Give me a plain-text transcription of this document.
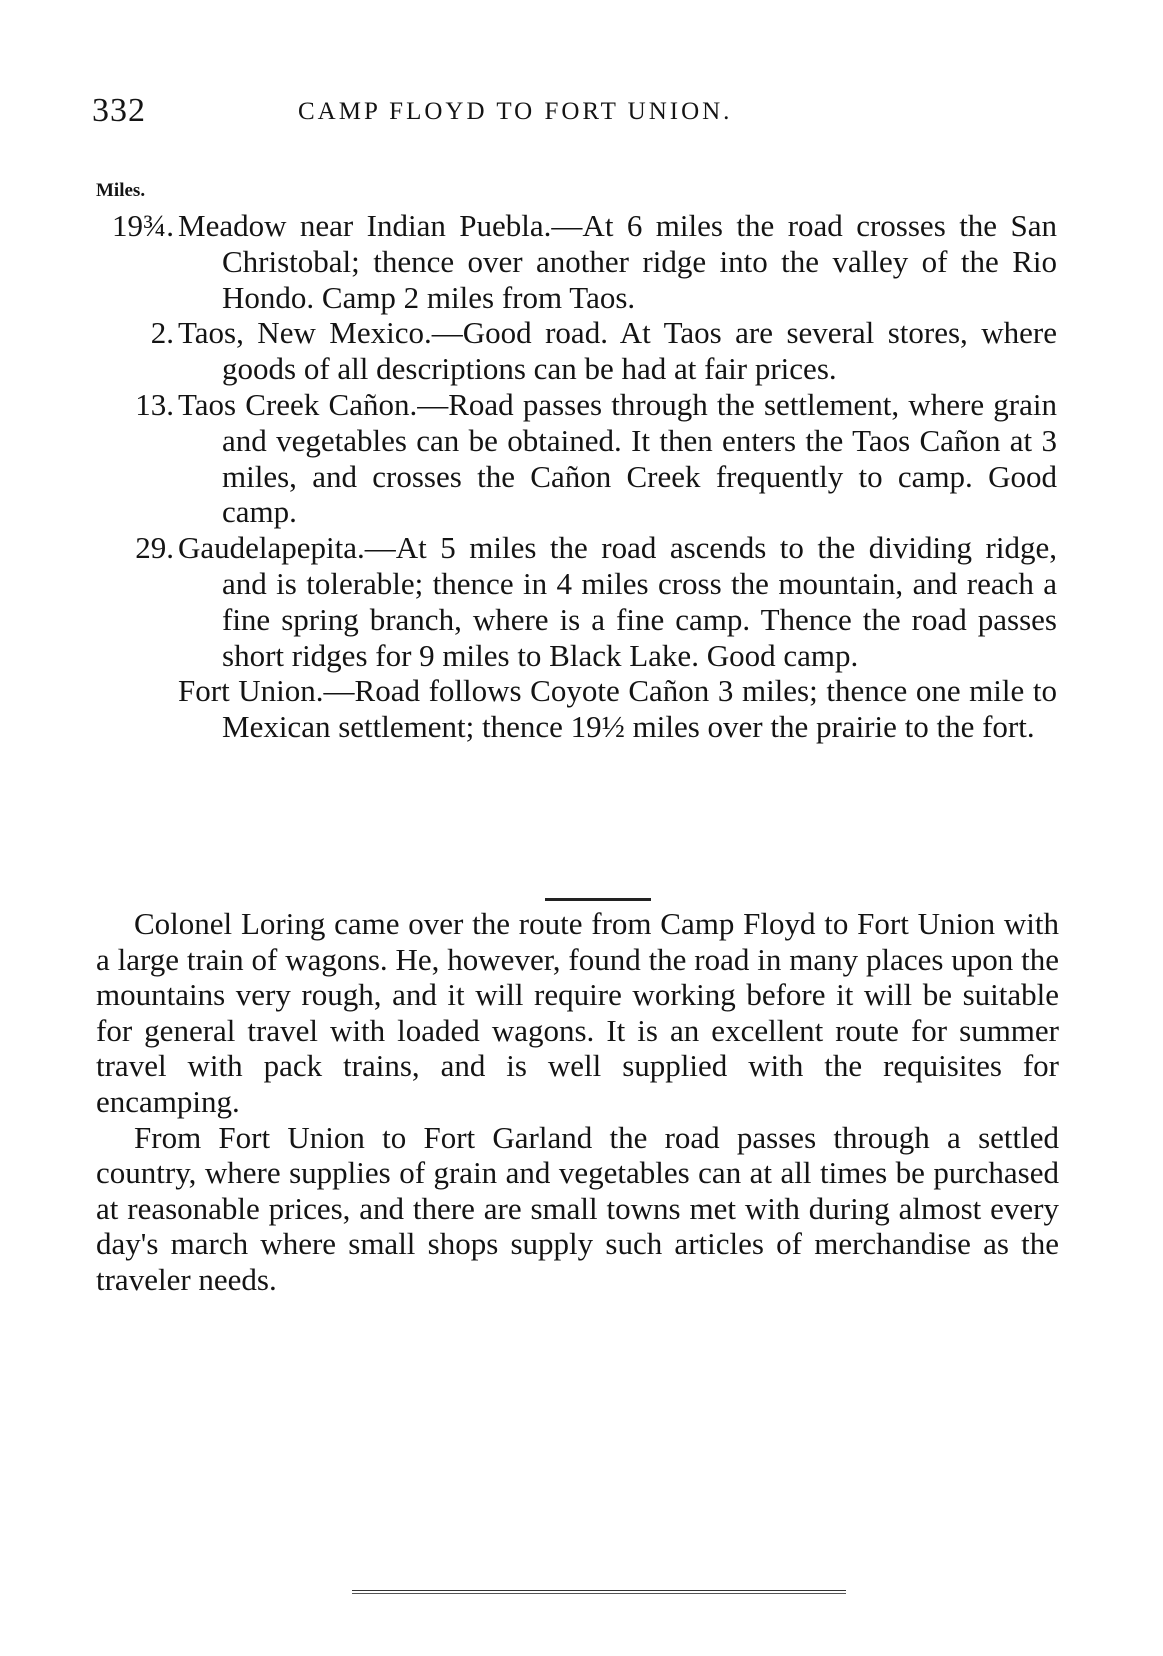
332	CAMP FLOYD TO FORT UNION.
Miles.
19¾. Meadow near Indian Puebla.—At 6 miles the road crosses the San Christobal; thence over another ridge into the valley of the Rio Hondo. Camp 2 miles from Taos.
2. Taos, New Mexico.—Good road. At Taos are several stores, where goods of all descriptions can be had at fair prices.
13. Taos Creek Cañon.—Road passes through the settlement, where grain and vegetables can be obtained. It then enters the Taos Cañon at 3 miles, and crosses the Cañon Creek frequently to camp. Good camp.
29. Gaudelapepita.—At 5 miles the road ascends to the dividing ridge, and is tolerable; thence in 4 miles cross the mountain, and reach a fine spring branch, where is a fine camp. Thence the road passes short ridges for 9 miles to Black Lake. Good camp.
Fort Union.—Road follows Coyote Cañon 3 miles; thence one mile to Mexican settlement; thence 19½ miles over the prairie to the fort.

Colonel Loring came over the route from Camp Floyd to Fort Union with a large train of wagons. He, however, found the road in many places upon the mountains very rough, and it will require working before it will be suitable for general travel with loaded wagons. It is an excellent route for summer travel with pack trains, and is well supplied with the requisites for encamping.

From Fort Union to Fort Garland the road passes through a settled country, where supplies of grain and vegetables can at all times be purchased at reasonable prices, and there are small towns met with during almost every day's march where small shops supply such articles of merchandise as the traveler needs.
